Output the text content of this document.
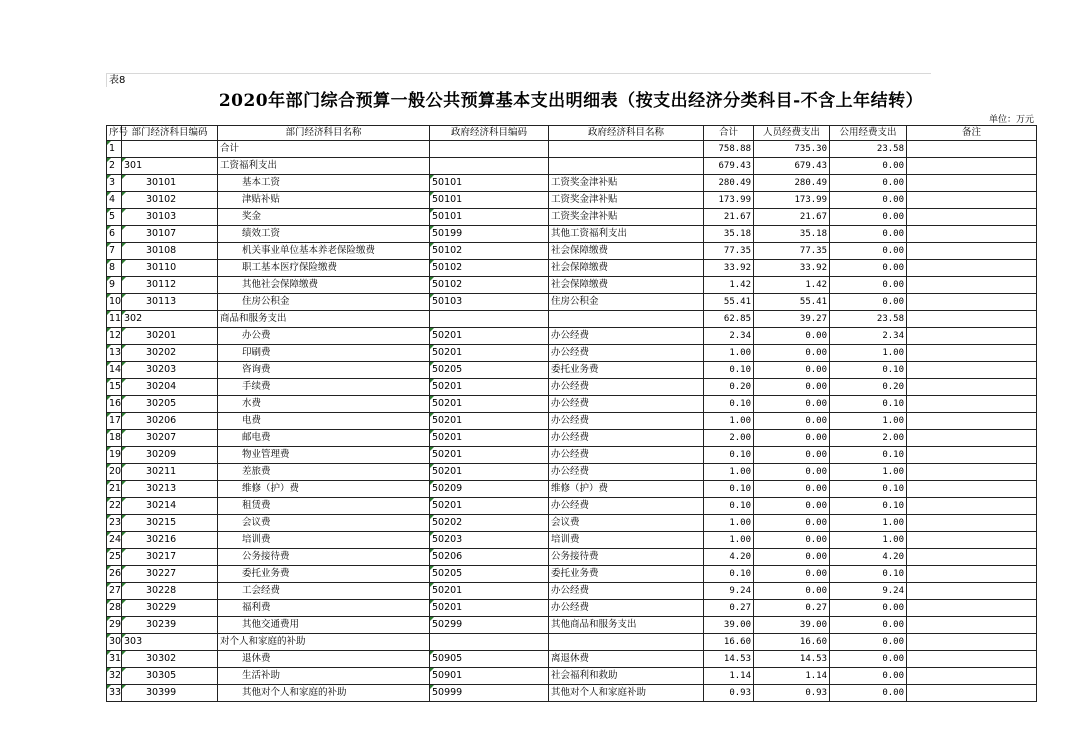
表8
2020年部门综合预算一般公共预算基本支出明细表（按支出经济分类科目-不含上年结转）
单位：万元
序号	部门经济科目编码	部门经济科目名称	政府经济科目编码	政府经济科目名称	合计	人员经费支出	公用经费支出	备注
1		合计			758.88	735.30	23.58	
2	301	工资福利支出			679.43	679.43	0.00	
3	30101	基本工资	50101	工资奖金津补贴	280.49	280.49	0.00	
4	30102	津贴补贴	50101	工资奖金津补贴	173.99	173.99	0.00	
5	30103	奖金	50101	工资奖金津补贴	21.67	21.67	0.00	
6	30107	绩效工资	50199	其他工资福利支出	35.18	35.18	0.00	
7	30108	机关事业单位基本养老保险缴费	50102	社会保障缴费	77.35	77.35	0.00	
8	30110	职工基本医疗保险缴费	50102	社会保障缴费	33.92	33.92	0.00	
9	30112	其他社会保障缴费	50102	社会保障缴费	1.42	1.42	0.00	
10	30113	住房公积金	50103	住房公积金	55.41	55.41	0.00	
11	302	商品和服务支出			62.85	39.27	23.58	
12	30201	办公费	50201	办公经费	2.34	0.00	2.34	
13	30202	印刷费	50201	办公经费	1.00	0.00	1.00	
14	30203	咨询费	50205	委托业务费	0.10	0.00	0.10	
15	30204	手续费	50201	办公经费	0.20	0.00	0.20	
16	30205	水费	50201	办公经费	0.10	0.00	0.10	
17	30206	电费	50201	办公经费	1.00	0.00	1.00	
18	30207	邮电费	50201	办公经费	2.00	0.00	2.00	
19	30209	物业管理费	50201	办公经费	0.10	0.00	0.10	
20	30211	差旅费	50201	办公经费	1.00	0.00	1.00	
21	30213	维修（护）费	50209	维修（护）费	0.10	0.00	0.10	
22	30214	租赁费	50201	办公经费	0.10	0.00	0.10	
23	30215	会议费	50202	会议费	1.00	0.00	1.00	
24	30216	培训费	50203	培训费	1.00	0.00	1.00	
25	30217	公务接待费	50206	公务接待费	4.20	0.00	4.20	
26	30227	委托业务费	50205	委托业务费	0.10	0.00	0.10	
27	30228	工会经费	50201	办公经费	9.24	0.00	9.24	
28	30229	福利费	50201	办公经费	0.27	0.27	0.00	
29	30239	其他交通费用	50299	其他商品和服务支出	39.00	39.00	0.00	
30	303	对个人和家庭的补助			16.60	16.60	0.00	
31	30302	退休费	50905	离退休费	14.53	14.53	0.00	
32	30305	生活补助	50901	社会福利和救助	1.14	1.14	0.00	
33	30399	其他对个人和家庭的补助	50999	其他对个人和家庭补助	0.93	0.93	0.00	
